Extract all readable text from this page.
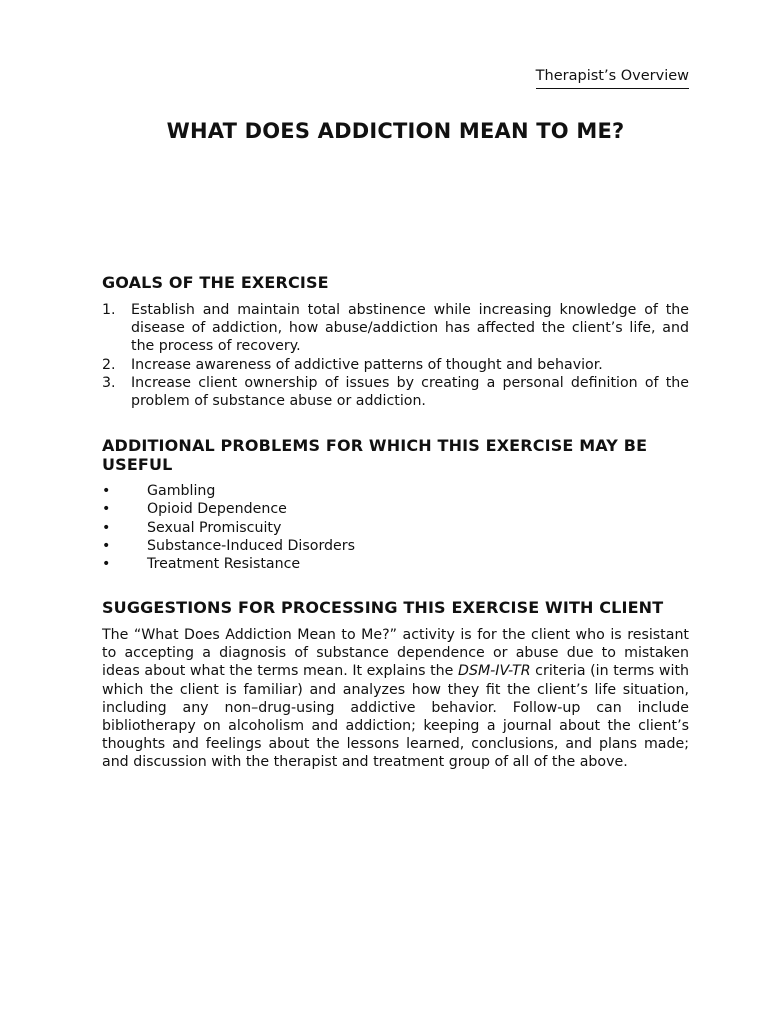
Therapist’s Overview
WHAT DOES ADDICTION MEAN TO ME?
GOALS OF THE EXERCISE
1. Establish and maintain total abstinence while increasing knowledge of the disease of addiction, how abuse/addiction has affected the client’s life, and the process of recovery.
2. Increase awareness of addictive patterns of thought and behavior.
3. Increase client ownership of issues by creating a personal definition of the problem of substance abuse or addiction.
ADDITIONAL PROBLEMS FOR WHICH THIS EXERCISE MAY BE USEFUL
•	Gambling
•	Opioid Dependence
•	Sexual Promiscuity
•	Substance-Induced Disorders
•	Treatment Resistance
SUGGESTIONS FOR PROCESSING THIS EXERCISE WITH CLIENT

The “What Does Addiction Mean to Me?” activity is for the client who is resistant to accepting a diagnosis of substance dependence or abuse due to mistaken ideas about what the terms mean. It explains the DSM-IV-TR criteria (in terms with which the client is familiar) and analyzes how they fit the client’s life situation, including any non–drug-using addictive behavior. Follow-up can include bibliotherapy on alcoholism and addiction; keeping a journal about the client’s thoughts and feelings about the lessons learned, conclusions, and plans made; and discussion with the therapist and treatment group of all of the above.
